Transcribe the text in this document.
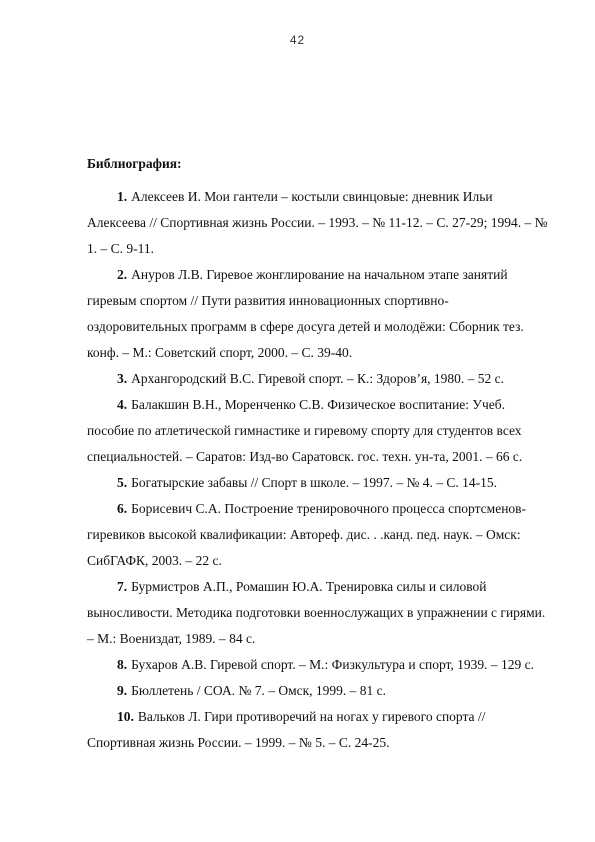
42

Библиография:

1. Алексеев И. Мои гантели – костыли свинцовые: дневник Ильи Алексеева // Спортивная жизнь России. – 1993. – № 11-12. – С. 27-29; 1994. – № 1. – С. 9-11.
2. Ануров Л.В. Гиревое жонглирование на начальном этапе занятий гиревым спортом // Пути развития инновационных спортивно-оздоровительных программ в сфере досуга детей и молодёжи: Сборник тез. конф. – М.: Советский спорт, 2000. – С. 39-40.
3. Архангородский В.С. Гиревой спорт. – К.: Здоров’я, 1980. – 52 с.
4. Балакшин В.Н., Моренченко С.В. Физическое воспитание: Учеб. пособие по атлетической гимнастике и гиревому спорту для студентов всех специальностей. – Саратов: Изд-во Саратовск. гос. техн. ун-та, 2001. – 66 с.
5. Богатырские забавы // Спорт в школе. – 1997. – № 4. – С. 14-15.
6. Борисевич С.А. Построение тренировочного процесса спортсменов-гиревиков высокой квалификации: Автореф. дис. . .канд. пед. наук. – Омск: СибГАФК, 2003. – 22 с.
7. Бурмистров А.П., Ромашин Ю.А. Тренировка силы и силовой выносливости. Методика подготовки военнослужащих в упражнении с гирями. – М.: Воениздат, 1989. – 84 с.
8. Бухаров А.В. Гиревой спорт. – М.: Физкультура и спорт, 1939. – 129 с.
9. Бюллетень / СОА. № 7. – Омск, 1999. – 81 с.
10. Вальков Л. Гири противоречий на ногах у гиревого спорта // Спортивная жизнь России. – 1999. – № 5. – С. 24-25.
